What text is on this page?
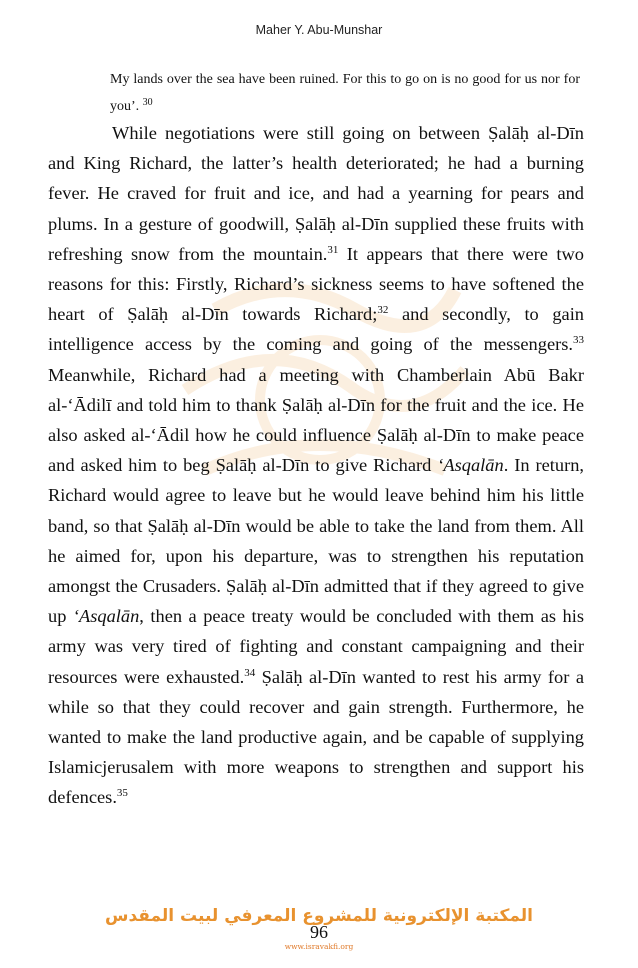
Maher Y. Abu-Munshar
My lands over the sea have been ruined. For this to go on is no good for us nor for you’. $^{30}$

While negotiations were still going on between Ṣalāḥ al-Dīn and King Richard, the latter’s health deteriorated; he had a burning fever. He craved for fruit and ice, and had a yearning for pears and plums. In a gesture of goodwill, Ṣalāḥ al-Dīn supplied these fruits with refreshing snow from the mountain.$^{31}$ It appears that there were two reasons for this: Firstly, Richard’s sickness seems to have softened the heart of Ṣalāḥ al-Dīn towards Richard;$^{32}$ and secondly, to gain intelligence access by the coming and going of the messengers.$^{33}$ Meanwhile, Richard had a meeting with Chamberlain Abū Bakr al-‘Ādilī and told him to thank Ṣalāḥ al-Dīn for the fruit and the ice. He also asked al-‘Ādil how he could influence Ṣalāḥ al-Dīn to make peace and asked him to beg Ṣalāḥ al-Dīn to give Richard ‘Asqalān. In return, Richard would agree to leave but he would leave behind him his little band, so that Ṣalāḥ al-Dīn would be able to take the land from them. All he aimed for, upon his departure, was to strengthen his reputation amongst the Crusaders. Ṣalāḥ al-Dīn admitted that if they agreed to give up ‘Asqalān, then a peace treaty would be concluded with them as his army was very tired of fighting and constant campaigning and their resources were exhausted.$^{34}$ Ṣalāḥ al-Dīn wanted to rest his army for a while so that they could recover and gain strength. Furthermore, he wanted to make the land productive again, and be capable of supplying Islamicjerusalem with more weapons to strengthen and support his defences.$^{35}$

المكتبة الإلكترونية للمشروع المعرفي لبيت المقدس
96
www.isravakfi.org
